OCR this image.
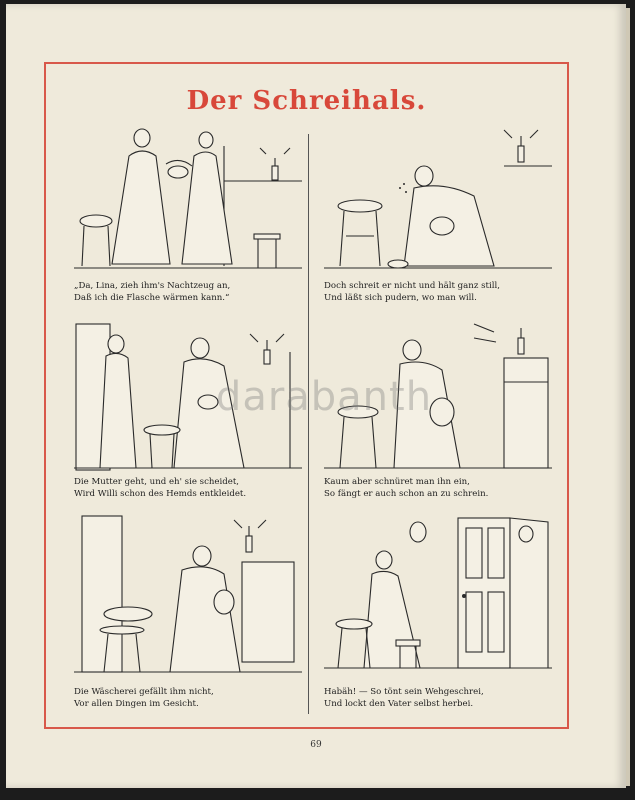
Der Schreihals.
„Da, Lina, zieh ihm's Nachtzeug an,
Daß ich die Flasche wärmen kann.“
Doch schreit er nicht und hält ganz still,
Und läßt sich pudern, wo man will.
Die Mutter geht, und eh' sie scheidet,
Wird Willi schon des Hemds entkleidet.
Kaum aber schnüret man ihn ein,
So fängt er auch schon an zu schrein.
Die Wäscherei gefällt ihm nicht,
Vor allen Dingen im Gesicht.
Habäh! — So tönt sein Wehgeschrei,
Und lockt den Vater selbst herbei.
darabanth
69
